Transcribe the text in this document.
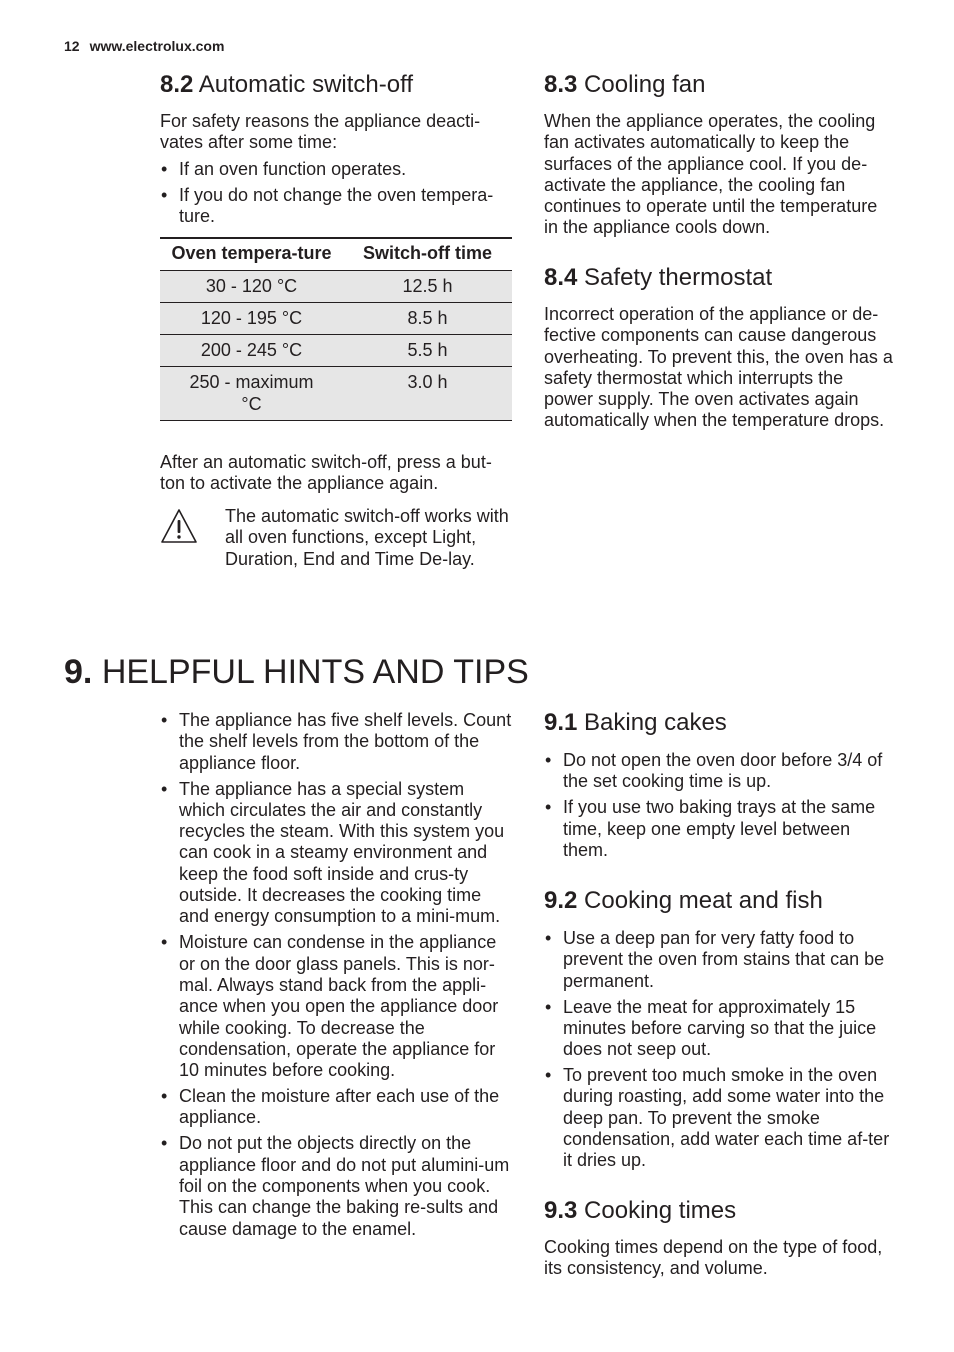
12 www.electrolux.com
8.2 Automatic switch-off

For safety reasons the appliance deacti-vates after some time:

• If an oven function operates.
• If you do not change the oven tempera-ture.
Oven tempera-ture	Switch-off time
30 - 120 °C	12.5 h
120 - 195 °C	8.5 h
200 - 245 °C	5.5 h
250 - maximum °C	3.0 h

After an automatic switch-off, press a but-ton to activate the appliance again.

The automatic switch-off works with all oven functions, except Light, Duration, End and Time De-lay.

8.3 Cooling fan

When the appliance operates, the cooling fan activates automatically to keep the surfaces of the appliance cool. If you de-activate the appliance, the cooling fan continues to operate until the temperature in the appliance cools down.

8.4 Safety thermostat

Incorrect operation of the appliance or de-fective components can cause dangerous overheating. To prevent this, the oven has a safety thermostat which interrupts the power supply. The oven activates again automatically when the temperature drops.

9. HELPFUL HINTS AND TIPS
• The appliance has five shelf levels. Count the shelf levels from the bottom of the appliance floor.
• The appliance has a special system which circulates the air and constantly recycles the steam. With this system you can cook in a steamy environment and keep the food soft inside and crus-ty outside. It decreases the cooking time and energy consumption to a mini-mum.
• Moisture can condense in the appliance or on the door glass panels. This is nor-mal. Always stand back from the appli-ance when you open the appliance door while cooking. To decrease the condensation, operate the appliance for 10 minutes before cooking.
• Clean the moisture after each use of the appliance.
• Do not put the objects directly on the appliance floor and do not put alumini-um foil on the components when you cook. This can change the baking re-sults and cause damage to the enamel.
9.1 Baking cakes
• Do not open the oven door before 3/4 of the set cooking time is up.
• If you use two baking trays at the same time, keep one empty level between them.
9.2 Cooking meat and fish
• Use a deep pan for very fatty food to prevent the oven from stains that can be permanent.
• Leave the meat for approximately 15 minutes before carving so that the juice does not seep out.
• To prevent too much smoke in the oven during roasting, add some water into the deep pan. To prevent the smoke condensation, add water each time af-ter it dries up.
9.3 Cooking times

Cooking times depend on the type of food, its consistency, and volume.
